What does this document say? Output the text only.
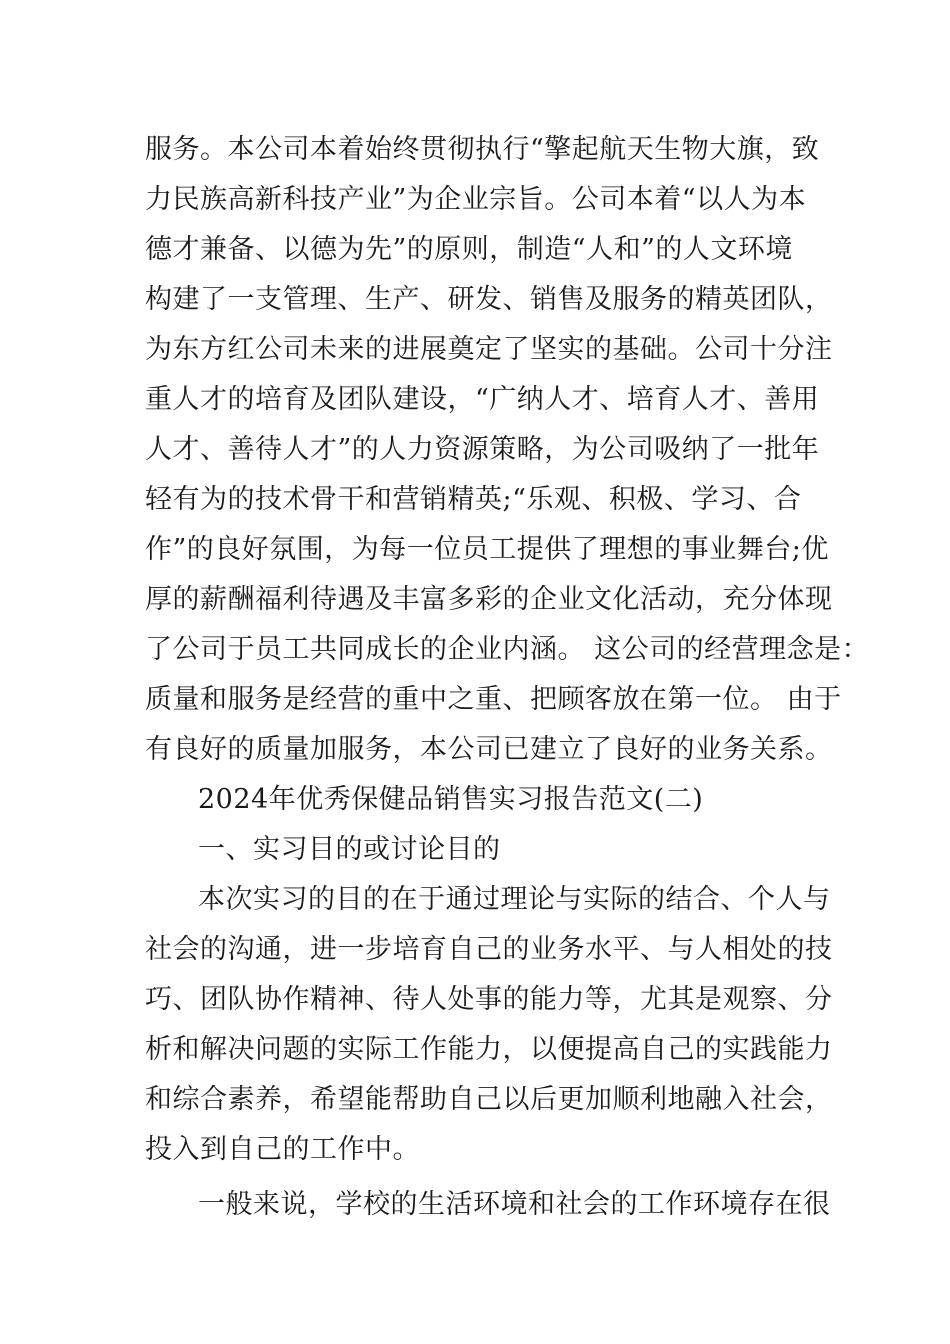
服务。本公司本着始终贯彻执行“擎起航天生物大旗，致
力民族高新科技产业”为企业宗旨。公司本着“以人为本
德才兼备、以德为先”的原则，制造“人和”的人文环境
构建了一支管理、生产、研发、销售及服务的精英团队，
为东方红公司未来的进展奠定了坚实的基础。公司十分注
重人才的培育及团队建设，“广纳人才、培育人才、善用
人才、善待人才”的人力资源策略，为公司吸纳了一批年
轻有为的技术骨干和营销精英;“乐观、积极、学习、合
作”的良好氛围，为每一位员工提供了理想的事业舞台;优
厚的薪酬福利待遇及丰富多彩的企业文化活动，充分体现
了公司于员工共同成长的企业内涵。 这公司的经营理念是：
质量和服务是经营的重中之重、把顾客放在第一位。 由于
有良好的质量加服务，本公司已建立了良好的业务关系。
2024年优秀保健品销售实习报告范文(二)
一、实习目的或讨论目的
本次实习的目的在于通过理论与实际的结合、个人与
社会的沟通，进一步培育自己的业务水平、与人相处的技
巧、团队协作精神、待人处事的能力等，尤其是观察、分
析和解决问题的实际工作能力，以便提高自己的实践能力
和综合素养，希望能帮助自己以后更加顺利地融入社会，
投入到自己的工作中。
一般来说，学校的生活环境和社会的工作环境存在很
